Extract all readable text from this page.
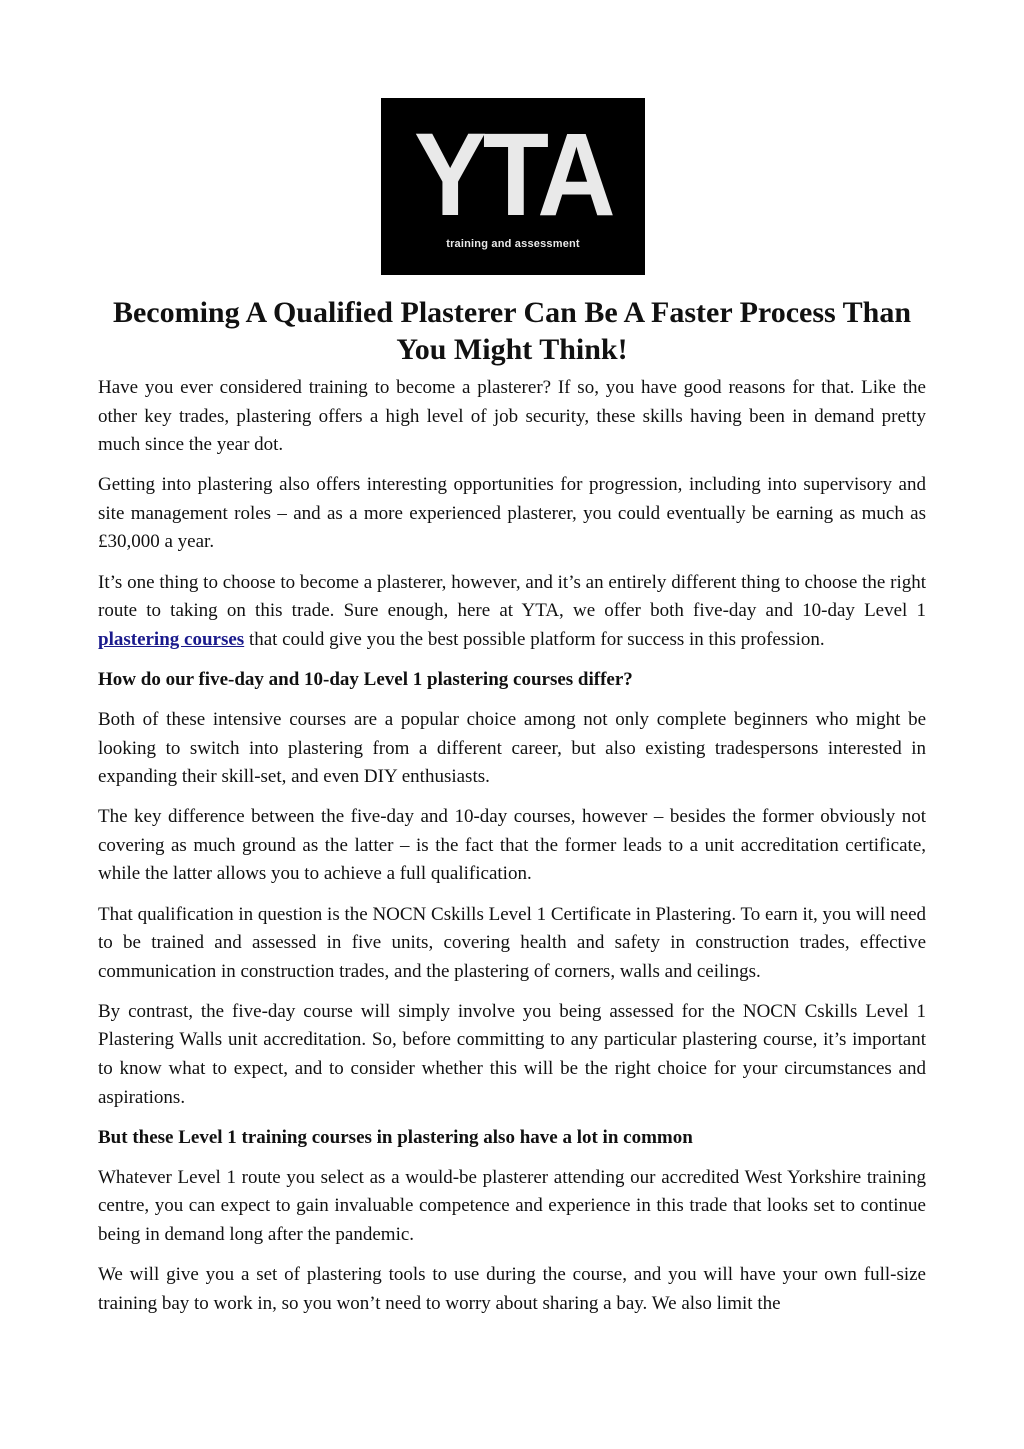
YTA
training and assessment
Becoming A Qualified Plasterer Can Be A Faster Process Than You Might Think!

Have you ever considered training to become a plasterer? If so, you have good reasons for that. Like the other key trades, plastering offers a high level of job security, these skills having been in demand pretty much since the year dot.

Getting into plastering also offers interesting opportunities for progression, including into supervisory and site management roles – and as a more experienced plasterer, you could eventually be earning as much as £30,000 a year.

It’s one thing to choose to become a plasterer, however, and it’s an entirely different thing to choose the right route to taking on this trade. Sure enough, here at YTA, we offer both five-day and 10-day Level 1 plastering courses that could give you the best possible platform for success in this profession.

How do our five-day and 10-day Level 1 plastering courses differ?

Both of these intensive courses are a popular choice among not only complete beginners who might be looking to switch into plastering from a different career, but also existing tradespersons interested in expanding their skill-set, and even DIY enthusiasts.

The key difference between the five-day and 10-day courses, however – besides the former obviously not covering as much ground as the latter – is the fact that the former leads to a unit accreditation certificate, while the latter allows you to achieve a full qualification.

That qualification in question is the NOCN Cskills Level 1 Certificate in Plastering. To earn it, you will need to be trained and assessed in five units, covering health and safety in construction trades, effective communication in construction trades, and the plastering of corners, walls and ceilings.

By contrast, the five-day course will simply involve you being assessed for the NOCN Cskills Level 1 Plastering Walls unit accreditation. So, before committing to any particular plastering course, it’s important to know what to expect, and to consider whether this will be the right choice for your circumstances and aspirations.

But these Level 1 training courses in plastering also have a lot in common

Whatever Level 1 route you select as a would-be plasterer attending our accredited West Yorkshire training centre, you can expect to gain invaluable competence and experience in this trade that looks set to continue being in demand long after the pandemic.

We will give you a set of plastering tools to use during the course, and you will have your own full-size training bay to work in, so you won’t need to worry about sharing a bay. We also limit the
